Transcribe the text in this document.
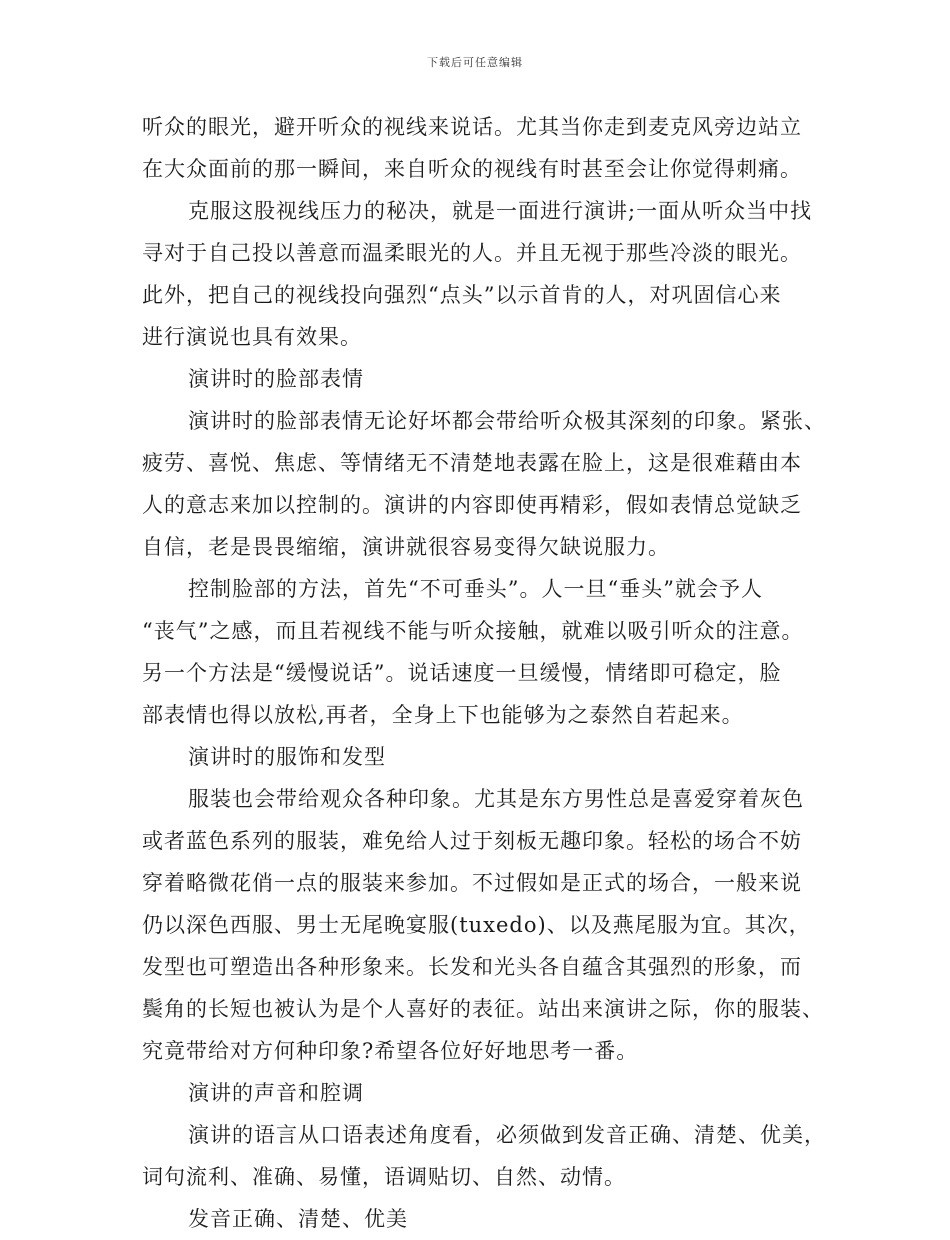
下载后可任意编辑
听众的眼光，避开听众的视线来说话。尤其当你走到麦克风旁边站立
在大众面前的那一瞬间，来自听众的视线有时甚至会让你觉得刺痛。
克服这股视线压力的秘决，就是一面进行演讲;一面从听众当中找
寻对于自己投以善意而温柔眼光的人。并且无视于那些冷淡的眼光。
此外，把自己的视线投向强烈“点头”以示首肯的人，对巩固信心来
进行演说也具有效果。
演讲时的脸部表情
演讲时的脸部表情无论好坏都会带给听众极其深刻的印象。紧张、
疲劳、喜悦、焦虑、等情绪无不清楚地表露在脸上，这是很难藉由本
人的意志来加以控制的。演讲的内容即使再精彩，假如表情总觉缺乏
自信，老是畏畏缩缩，演讲就很容易变得欠缺说服力。
控制脸部的方法，首先“不可垂头”。人一旦“垂头”就会予人
“丧气”之感，而且若视线不能与听众接触，就难以吸引听众的注意。
另一个方法是“缓慢说话”。说话速度一旦缓慢，情绪即可稳定，脸
部表情也得以放松,再者，全身上下也能够为之泰然自若起来。
演讲时的服饰和发型
服装也会带给观众各种印象。尤其是东方男性总是喜爱穿着灰色
或者蓝色系列的服装，难免给人过于刻板无趣印象。轻松的场合不妨
穿着略微花俏一点的服装来参加。不过假如是正式的场合，一般来说
仍以深色西服、男士无尾晚宴服(tuxedo)、以及燕尾服为宜。其次，
发型也可塑造出各种形象来。长发和光头各自蕴含其强烈的形象，而
鬓角的长短也被认为是个人喜好的表征。站出来演讲之际，你的服装、
究竟带给对方何种印象?希望各位好好地思考一番。
演讲的声音和腔调
演讲的语言从口语表述角度看，必须做到发音正确、清楚、优美，
词句流利、准确、易懂，语调贴切、自然、动情。
发音正确、清楚、优美
